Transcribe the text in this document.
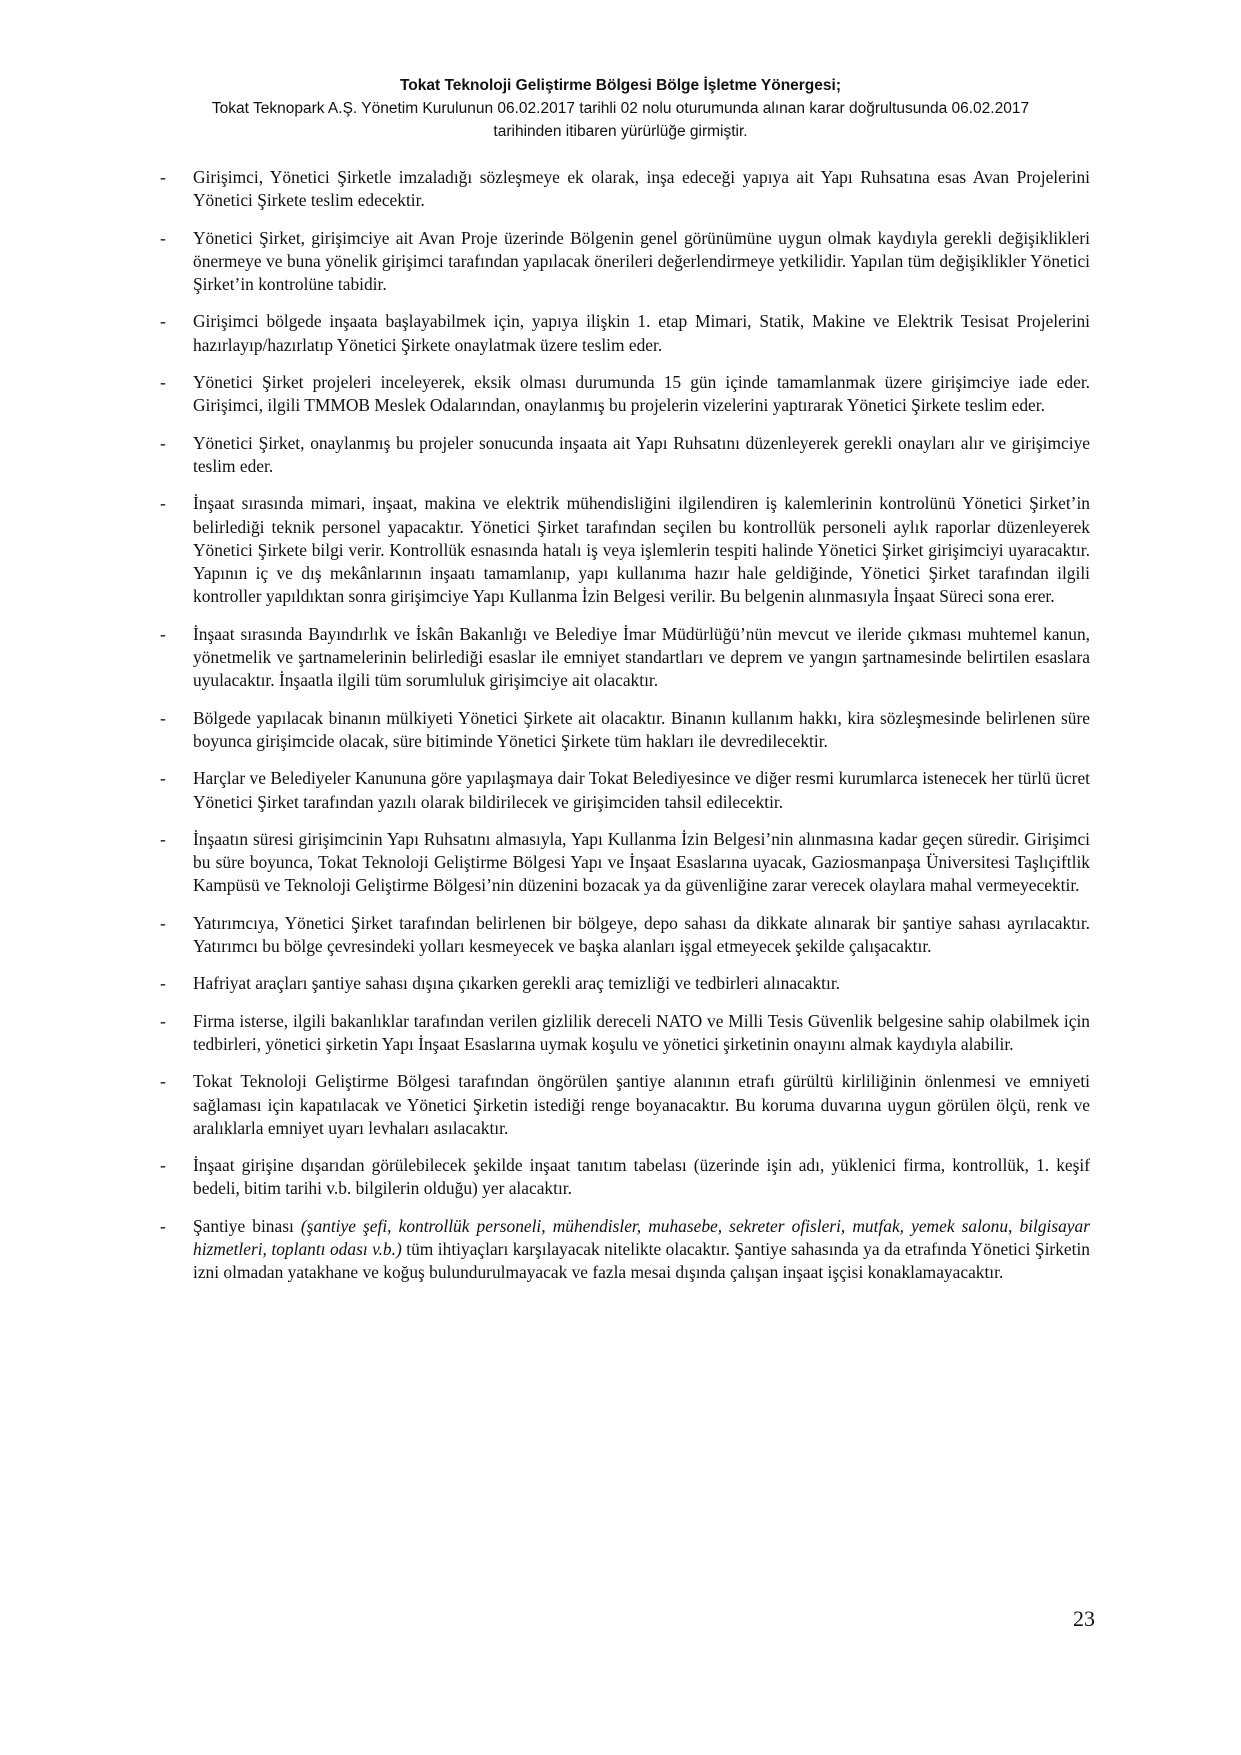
Tokat Teknoloji Geliştirme Bölgesi Bölge İşletme Yönergesi;
Tokat Teknopark A.Ş. Yönetim Kurulunun 06.02.2017 tarihli 02 nolu oturumunda alınan karar doğrultusunda 06.02.2017
tarihinden itibaren yürürlüğe girmiştir.
- Girişimci, Yönetici Şirketle imzaladığı sözleşmeye ek olarak, inşa edeceği yapıya ait Yapı Ruhsatına esas Avan Projelerini Yönetici Şirkete teslim edecektir.
- Yönetici Şirket, girişimciye ait Avan Proje üzerinde Bölgenin genel görünümüne uygun olmak kaydıyla gerekli değişiklikleri önermeye ve buna yönelik girişimci tarafından yapılacak önerileri değerlendirmeye yetkilidir. Yapılan tüm değişiklikler Yönetici Şirket’in kontrolüne tabidir.
- Girişimci bölgede inşaata başlayabilmek için, yapıya ilişkin 1. etap Mimari, Statik, Makine ve Elektrik Tesisat Projelerini hazırlayıp/hazırlatıp Yönetici Şirkete onaylatmak üzere teslim eder.
- Yönetici Şirket projeleri inceleyerek, eksik olması durumunda 15 gün içinde tamamlanmak üzere girişimciye iade eder. Girişimci, ilgili TMMOB Meslek Odalarından, onaylanmış bu projelerin vizelerini yaptırarak Yönetici Şirkete teslim eder.
- Yönetici Şirket, onaylanmış bu projeler sonucunda inşaata ait Yapı Ruhsatını düzenleyerek gerekli onayları alır ve girişimciye teslim eder.
- İnşaat sırasında mimari, inşaat, makina ve elektrik mühendisliğini ilgilendiren iş kalemlerinin kontrolünü Yönetici Şirket’in belirlediği teknik personel yapacaktır. Yönetici Şirket tarafından seçilen bu kontrollük personeli aylık raporlar düzenleyerek Yönetici Şirkete bilgi verir. Kontrollük esnasında hatalı iş veya işlemlerin tespiti halinde Yönetici Şirket girişimciyi uyaracaktır. Yapının iç ve dış mekânlarının inşaatı tamamlanıp, yapı kullanıma hazır hale geldiğinde, Yönetici Şirket tarafından ilgili kontroller yapıldıktan sonra girişimciye Yapı Kullanma İzin Belgesi verilir. Bu belgenin alınmasıyla İnşaat Süreci sona erer.
- İnşaat sırasında Bayındırlık ve İskân Bakanlığı ve Belediye İmar Müdürlüğü’nün mevcut ve ileride çıkması muhtemel kanun, yönetmelik ve şartnamelerinin belirlediği esaslar ile emniyet standartları ve deprem ve yangın şartnamesinde belirtilen esaslara uyulacaktır. İnşaatla ilgili tüm sorumluluk girişimciye ait olacaktır.
- Bölgede yapılacak binanın mülkiyeti Yönetici Şirkete ait olacaktır. Binanın kullanım hakkı, kira sözleşmesinde belirlenen süre boyunca girişimcide olacak, süre bitiminde Yönetici Şirkete tüm hakları ile devredilecektir.
- Harçlar ve Belediyeler Kanununa göre yapılaşmaya dair Tokat Belediyesince ve diğer resmi kurumlarca istenecek her türlü ücret Yönetici Şirket tarafından yazılı olarak bildirilecek ve girişimciden tahsil edilecektir.
- İnşaatın süresi girişimcinin Yapı Ruhsatını almasıyla, Yapı Kullanma İzin Belgesi’nin alınmasına kadar geçen süredir. Girişimci bu süre boyunca, Tokat Teknoloji Geliştirme Bölgesi Yapı ve İnşaat Esaslarına uyacak, Gaziosmanpaşa Üniversitesi Taşlıçiftlik Kampüsü ve Teknoloji Geliştirme Bölgesi’nin düzenini bozacak ya da güvenliğine zarar verecek olaylara mahal vermeyecektir.
- Yatırımcıya, Yönetici Şirket tarafından belirlenen bir bölgeye, depo sahası da dikkate alınarak bir şantiye sahası ayrılacaktır. Yatırımcı bu bölge çevresindeki yolları kesmeyecek ve başka alanları işgal etmeyecek şekilde çalışacaktır.
- Hafriyat araçları şantiye sahası dışına çıkarken gerekli araç temizliği ve tedbirleri alınacaktır.
- Firma isterse, ilgili bakanlıklar tarafından verilen gizlilik dereceli NATO ve Milli Tesis Güvenlik belgesine sahip olabilmek için tedbirleri, yönetici şirketin Yapı İnşaat Esaslarına uymak koşulu ve yönetici şirketinin onayını almak kaydıyla alabilir.
- Tokat Teknoloji Geliştirme Bölgesi tarafından öngörülen şantiye alanının etrafı gürültü kirliliğinin önlenmesi ve emniyeti sağlaması için kapatılacak ve Yönetici Şirketin istediği renge boyanacaktır. Bu koruma duvarına uygun görülen ölçü, renk ve aralıklarla emniyet uyarı levhaları asılacaktır.
- İnşaat girişine dışarıdan görülebilecek şekilde inşaat tanıtım tabelası (üzerinde işin adı, yüklenici firma, kontrollük, 1. keşif bedeli, bitim tarihi v.b. bilgilerin olduğu) yer alacaktır.
- Şantiye binası (şantiye şefi, kontrollük personeli, mühendisler, muhasebe, sekreter ofisleri, mutfak, yemek salonu, bilgisayar hizmetleri, toplantı odası v.b.) tüm ihtiyaçları karşılayacak nitelikte olacaktır. Şantiye sahasında ya da etrafında Yönetici Şirketin izni olmadan yatakhane ve koğuş bulundurulmayacak ve fazla mesai dışında çalışan inşaat işçisi konaklamayacaktır.
23
